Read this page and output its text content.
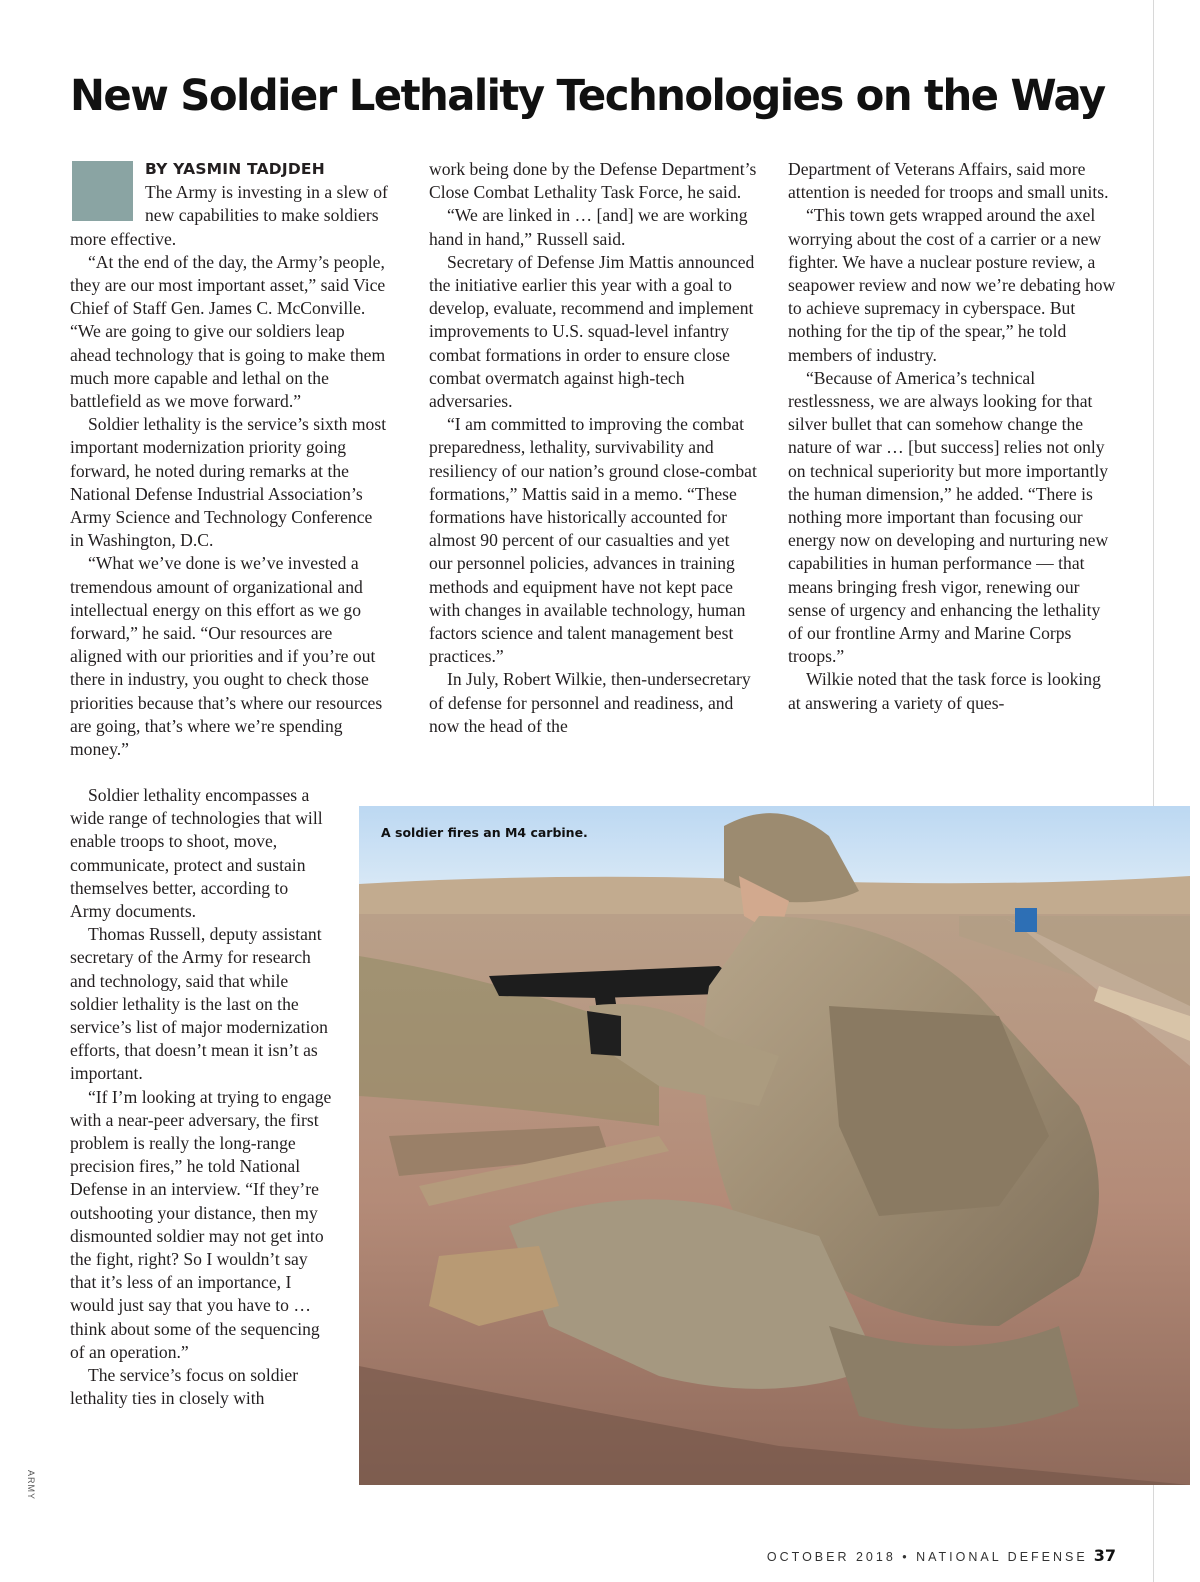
New Soldier Lethality Technologies on the Way
BY YASMIN TADJDEH

The Army is investing in a slew of new capabilities to make soldiers more effective.

“At the end of the day, the Army’s people, they are our most important asset,” said Vice Chief of Staff Gen. James C. McConville. “We are going to give our soldiers leap ahead technology that is going to make them much more capable and lethal on the battlefield as we move forward.”

Soldier lethality is the service’s sixth most important modernization priority going forward, he noted during remarks at the National Defense Industrial Association’s Army Science and Technology Conference in Washington, D.C.

“What we’ve done is we’ve invested a tremendous amount of organizational and intellectual energy on this effort as we go forward,” he said. “Our resources are aligned with our priorities and if you’re out there in industry, you ought to check those priorities because that’s where our resources are going, that’s where we’re spending money.”

Soldier lethality encompasses a wide range of technologies that will enable troops to shoot, move, communicate, protect and sustain themselves better, according to Army documents.

Thomas Russell, deputy assistant secretary of the Army for research and technology, said that while soldier lethality is the last on the service’s list of major modernization efforts, that doesn’t mean it isn’t as important.

“If I’m looking at trying to engage with a near-peer adversary, the first problem is really the long-range precision fires,” he told National Defense in an interview. “If they’re outshooting your distance, then my dismounted soldier may not get into the fight, right? So I wouldn’t say that it’s less of an importance, I would just say that you have to … think about some of the sequencing of an operation.”

The service’s focus on soldier lethality ties in closely with

work being done by the Defense Department’s Close Combat Lethality Task Force, he said.

“We are linked in … [and] we are working hand in hand,” Russell said.

Secretary of Defense Jim Mattis announced the initiative earlier this year with a goal to develop, evaluate, recommend and implement improvements to U.S. squad-level infantry combat formations in order to ensure close combat overmatch against high-tech adversaries.

“I am committed to improving the combat preparedness, lethality, survivability and resiliency of our nation’s ground close-combat formations,” Mattis said in a memo. “These formations have historically accounted for almost 90 percent of our casualties and yet our personnel policies, advances in training methods and equipment have not kept pace with changes in available technology, human factors science and talent management best practices.”

In July, Robert Wilkie, then-undersecretary of defense for personnel and readiness, and now the head of the

Department of Veterans Affairs, said more attention is needed for troops and small units.

“This town gets wrapped around the axel worrying about the cost of a carrier or a new fighter. We have a nuclear posture review, a seapower review and now we’re debating how to achieve supremacy in cyberspace. But nothing for the tip of the spear,” he told members of industry.

“Because of America’s technical restlessness, we are always looking for that silver bullet that can somehow change the nature of war … [but success] relies not only on technical superiority but more importantly the human dimension,” he added. “There is nothing more important than focusing our energy now on developing and nurturing new capabilities in human performance — that means bringing fresh vigor, renewing our sense of urgency and enhancing the lethality of our frontline Army and Marine Corps troops.”

Wilkie noted that the task force is looking at answering a variety of ques-

A soldier fires an M4 carbine.

ARMY
OCTOBER 2018 • NATIONAL DEFENSE 37
